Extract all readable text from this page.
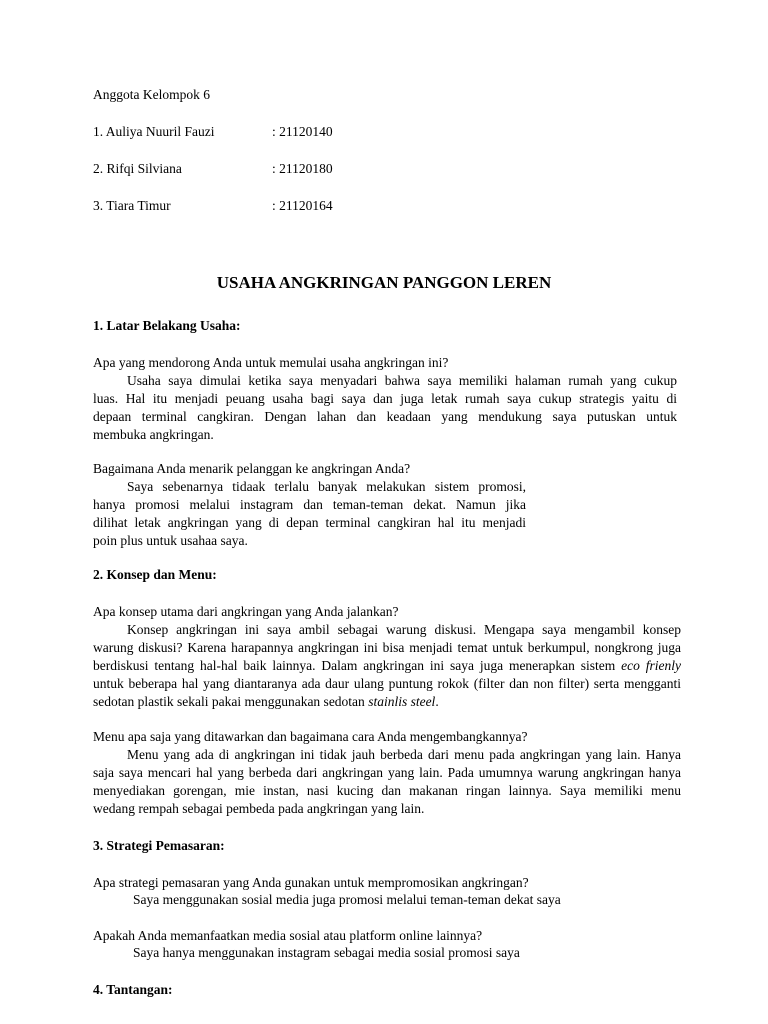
Anggota Kelompok 6

1. Auliya Nuuril Fauzi	: 21120140
2. Rifqi Silviana	: 21120180
3. Tiara Timur	: 21120164
USAHA ANGKRINGAN PANGGON LEREN
1. Latar Belakang Usaha:

Apa yang mendorong Anda untuk memulai usaha angkringan ini?

Usaha saya dimulai ketika saya menyadari bahwa saya memiliki halaman rumah yang cukup
luas. Hal itu menjadi peuang usaha bagi saya dan juga letak rumah saya cukup strategis yaitu di
depaan terminal cangkiran. Dengan lahan dan keadaan yang mendukung saya putuskan untuk
membuka angkringan.

Bagaimana Anda menarik pelanggan ke angkringan Anda?

Saya sebenarnya tidaak terlalu banyak melakukan sistem promosi,
hanya promosi melalui instagram dan teman-teman dekat. Namun jika
dilihat letak angkringan yang di depan terminal cangkiran hal itu menjadi
poin plus untuk usahaa saya.
2. Konsep dan Menu:

Apa konsep utama dari angkringan yang Anda jalankan?

Konsep angkringan ini saya ambil sebagai warung diskusi. Mengapa saya mengambil konsep
warung diskusi? Karena harapannya angkringan ini bisa menjadi temat untuk berkumpul, nongkrong juga
berdiskusi tentang hal-hal baik lainnya. Dalam angkringan ini saya juga menerapkan sistem eco frienly
untuk beberapa hal yang diantaranya ada daur ulang puntung rokok (filter dan non filter) serta mengganti
sedotan plastik sekali pakai menggunakan sedotan stainlis steel.

Menu apa saja yang ditawarkan dan bagaimana cara Anda mengembangkannya?

Menu yang ada di angkringan ini tidak jauh berbeda dari menu pada angkringan yang lain. Hanya
saja saya mencari hal yang berbeda dari angkringan yang lain. Pada umumnya warung angkringan hanya
menyediakan gorengan, mie instan, nasi kucing dan makanan ringan lainnya. Saya memiliki menu
wedang rempah sebagai pembeda pada angkringan yang lain.
3. Strategi Pemasaran:

Apa strategi pemasaran yang Anda gunakan untuk mempromosikan angkringan?

Saya menggunakan sosial media juga promosi melalui teman-teman dekat saya

Apakah Anda memanfaatkan media sosial atau platform online lainnya?

Saya hanya menggunakan instagram sebagai media sosial promosi saya

4. Tantangan:
